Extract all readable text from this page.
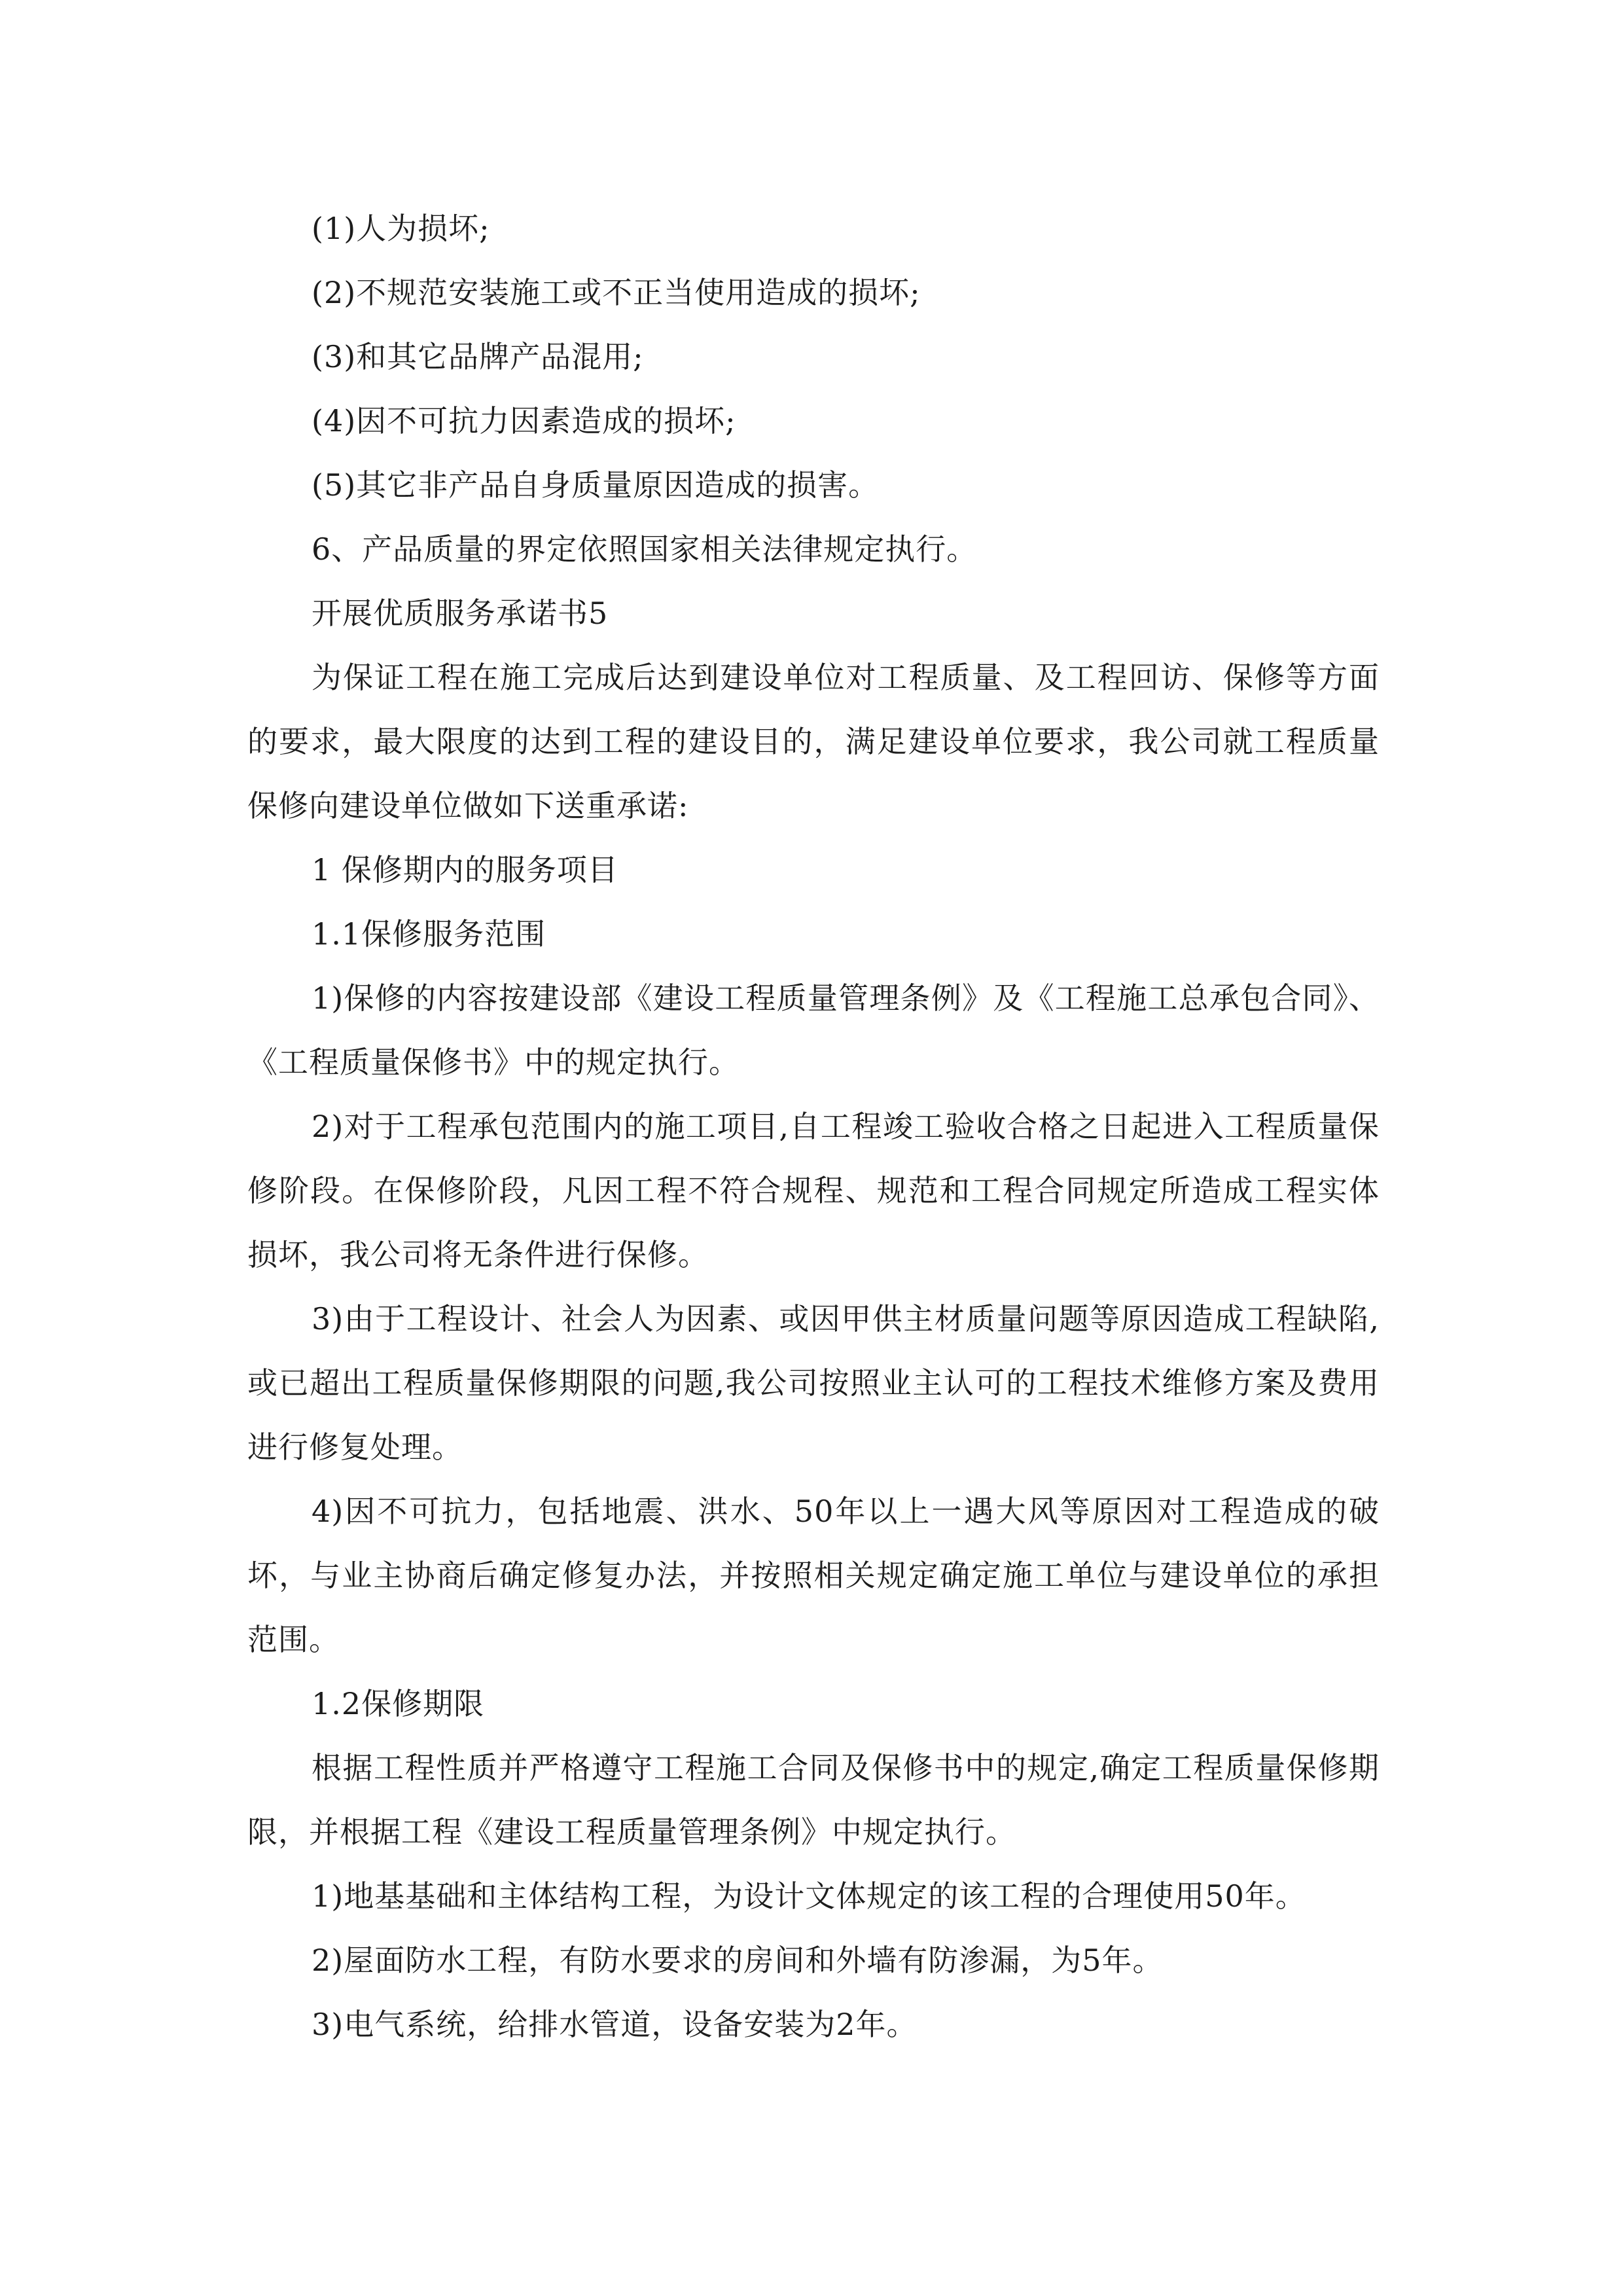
(1)人为损坏;

(2)不规范安装施工或不正当使用造成的损坏;

(3)和其它品牌产品混用;

(4)因不可抗力因素造成的损坏;

(5)其它非产品自身质量原因造成的损害。

6、产品质量的界定依照国家相关法律规定执行。

开展优质服务承诺书5

为保证工程在施工完成后达到建设单位对工程质量、及工程回访、保修等方面的要求，最大限度的达到工程的建设目的，满足建设单位要求，我公司就工程质量保修向建设单位做如下送重承诺:

1 保修期内的服务项目

1.1保修服务范围

1)保修的内容按建设部《建设工程质量管理条例》及《工程施工总承包合同》、《工程质量保修书》中的规定执行。

2)对于工程承包范围内的施工项目,自工程竣工验收合格之日起进入工程质量保修阶段。在保修阶段，凡因工程不符合规程、规范和工程合同规定所造成工程实体损坏，我公司将无条件进行保修。

3)由于工程设计、社会人为因素、或因甲供主材质量问题等原因造成工程缺陷,或已超出工程质量保修期限的问题,我公司按照业主认可的工程技术维修方案及费用进行修复处理。

4)因不可抗力，包括地震、洪水、50年以上一遇大风等原因对工程造成的破坏，与业主协商后确定修复办法，并按照相关规定确定施工单位与建设单位的承担范围。

1.2保修期限

根据工程性质并严格遵守工程施工合同及保修书中的规定,确定工程质量保修期限，并根据工程《建设工程质量管理条例》中规定执行。

1)地基基础和主体结构工程，为设计文体规定的该工程的合理使用50年。

2)屋面防水工程，有防水要求的房间和外墙有防渗漏，为5年。

3)电气系统，给排水管道，设备安装为2年。
